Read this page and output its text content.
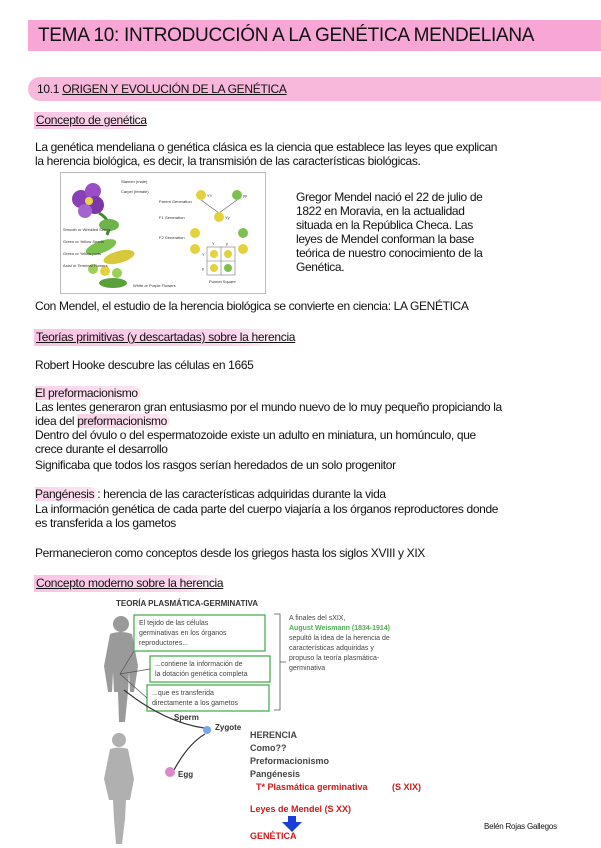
TEMA 10: INTRODUCCIÓN A LA GENÉTICA MENDELIANA
10.1 ORIGEN Y EVOLUCIÓN DE LA GENÉTICA
Concepto de genética
La genética mendeliana o genética clásica es la ciencia que establece las leyes que explican
la herencia biológica, es decir, la transmisión de las características biológicas.
Stamen (male)
Carpel (female)
Smooth or Wrinkled Seeds
Green or Yellow Seeds
Green or Yellow pods
Axial or Terminal Flowers
White or Purple Flowers
Parent Generation
F1 Generation
F2 Generation
YY	yy
Yy
Y	y
Y
y
Punnet Square
Gregor Mendel nació el 22 de julio de
1822 en Moravia, en la actualidad
situada en la República Checa. Las
leyes de Mendel conforman la base
teórica de nuestro conocimiento de la
Genética.
Con Mendel, el estudio de la herencia biológica se convierte en ciencia: LA GENÉTICA
Teorías primitivas (y descartadas) sobre la herencia
Robert Hooke descubre las células en 1665
El preformacionismo
Las lentes generaron gran entusiasmo por el mundo nuevo de lo muy pequeño propiciando la
idea del preformacionismo
Dentro del óvulo o del espermatozoide existe un adulto en miniatura, un homúnculo, que
crece durante el desarrollo
Significaba que todos los rasgos serían heredados de un solo progenitor
Pangénesis : herencia de las características adquiridas durante la vida
La información genética de cada parte del cuerpo viajaría a los órganos reproductores donde
es transferida a los gametos
Permanecieron como conceptos desde los griegos hasta los siglos XVIII y XIX
Concepto moderno sobre la herencia
TEORÍA PLASMÁTICA-GERMINATIVA
El tejido de las células
germinativas en los órganos
reproductores...
...contiene la información de
la dotación genética completa
...que es transferida
directamente a los gametos
A finales del sXIX,
August Weismann (1834-1914)
sepultó la idea de la herencia de
características adquiridas y
propuso la teoría plasmática-
germinativa
Sperm
Zygote
Egg
HERENCIA
Como??
Preformacionismo
Pangénesis
T* Plasmática germinativa	(S XIX)
Leyes de Mendel (S XX)
GENÉTICA
Belén Rojas Gallegos
